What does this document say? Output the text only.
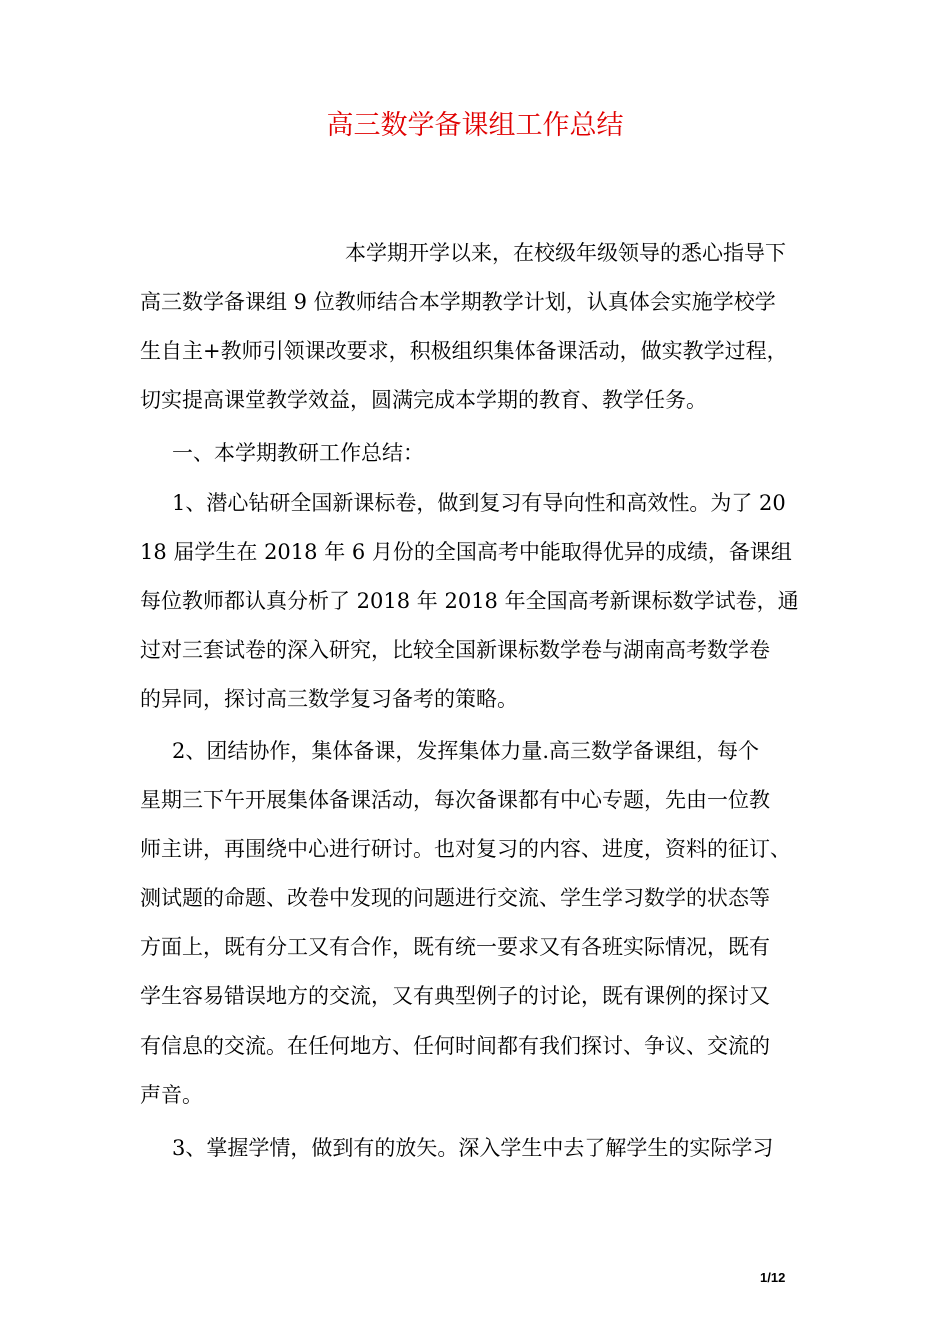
高三数学备课组工作总结
本学期开学以来，在校级年级领导的悉心指导下
高三数学备课组 9 位教师结合本学期教学计划，认真体会实施学校学
生自主+教师引领课改要求，积极组织集体备课活动，做实教学过程，
切实提高课堂教学效益，圆满完成本学期的教育、教学任务。
一、本学期教研工作总结：
1、潜心钻研全国新课标卷，做到复习有导向性和高效性。为了 20
18 届学生在 2018 年 6 月份的全国高考中能取得优异的成绩，备课组
每位教师都认真分析了 2018 年 2018 年全国高考新课标数学试卷，通
过对三套试卷的深入研究，比较全国新课标数学卷与湖南高考数学卷
的异同，探讨高三数学复习备考的策略。
2、团结协作，集体备课，发挥集体力量.高三数学备课组，每个
星期三下午开展集体备课活动，每次备课都有中心专题，先由一位教
师主讲，再围绕中心进行研讨。也对复习的内容、进度，资料的征订、
测试题的命题、改卷中发现的问题进行交流、学生学习数学的状态等
方面上，既有分工又有合作，既有统一要求又有各班实际情况，既有
学生容易错误地方的交流，又有典型例子的讨论，既有课例的探讨又
有信息的交流。在任何地方、任何时间都有我们探讨、争议、交流的
声音。
3、掌握学情，做到有的放矢。深入学生中去了解学生的实际学习
1/12
